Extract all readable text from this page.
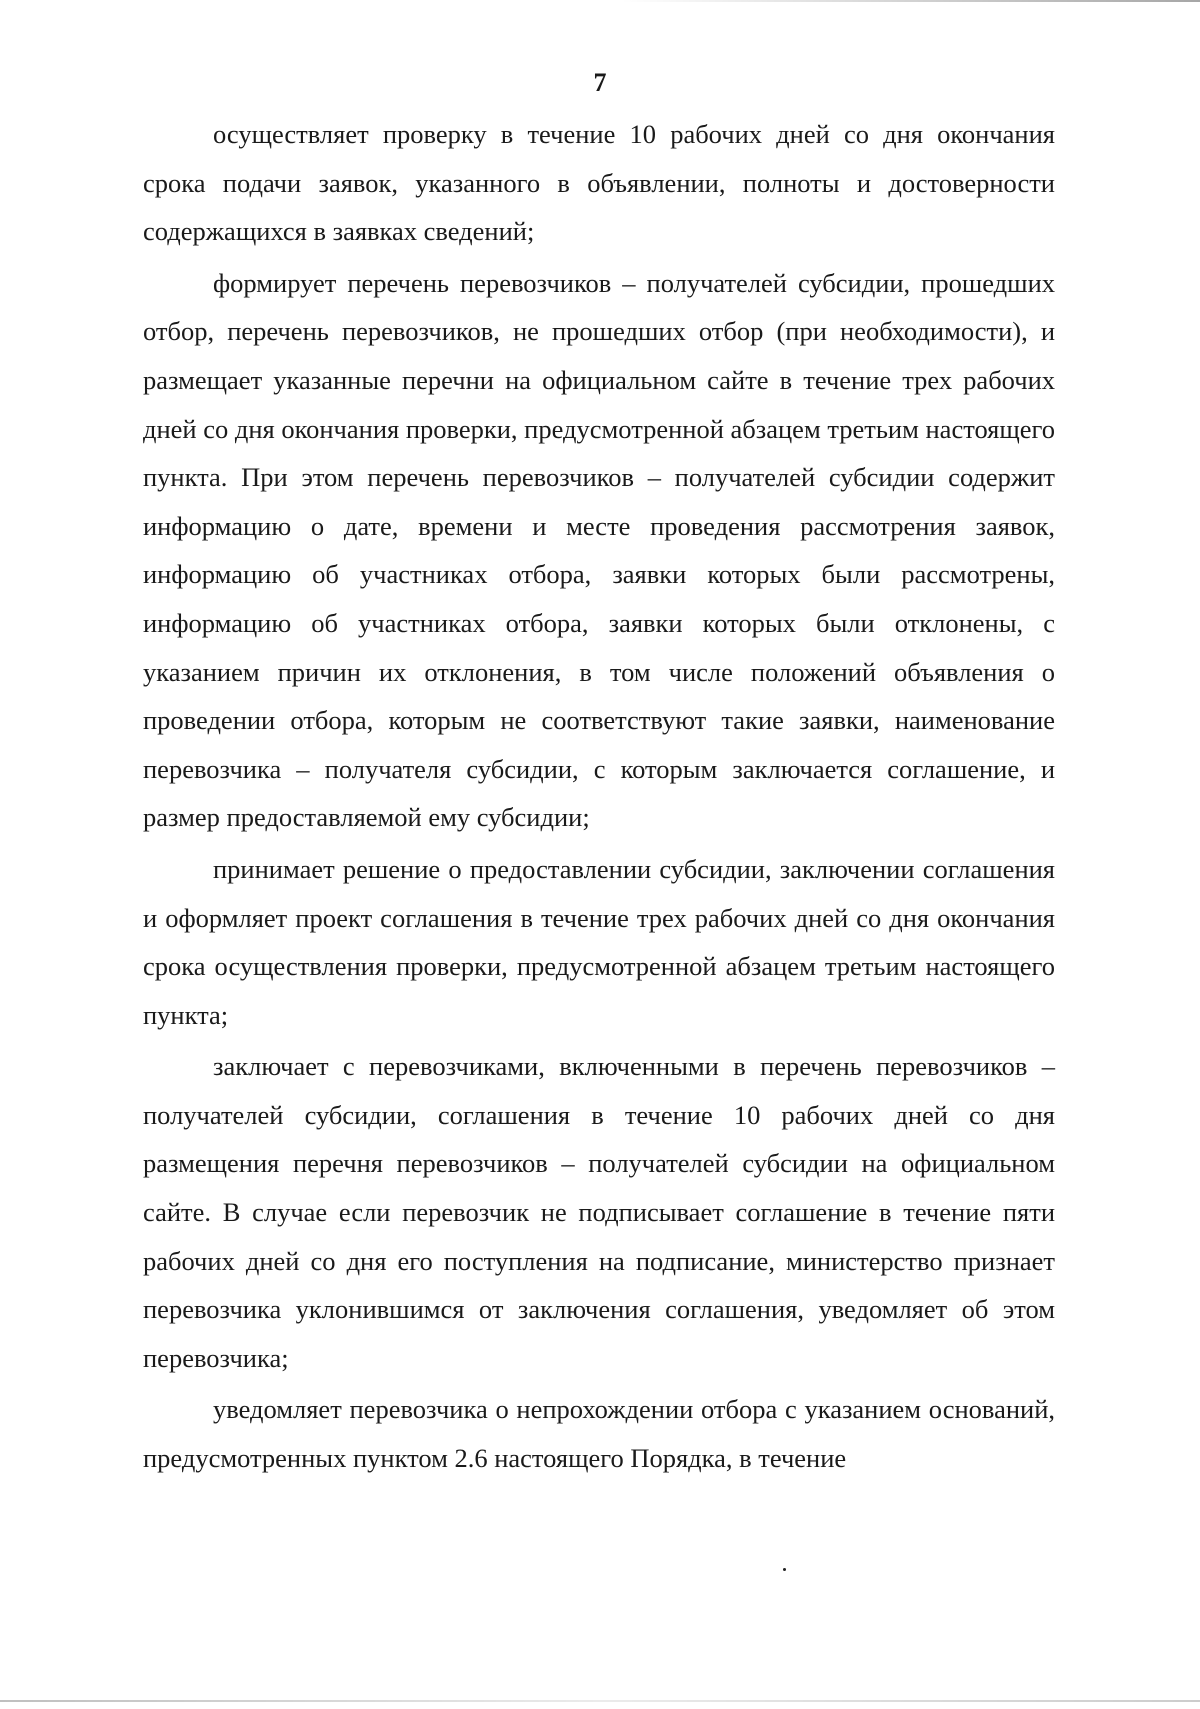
7

осуществляет проверку в течение 10 рабочих дней со дня окончания срока подачи заявок, указанного в объявлении, полноты и достоверности содержащихся в заявках сведений;

формирует перечень перевозчиков – получателей субсидии, прошедших отбор, перечень перевозчиков, не прошедших отбор (при необходимости), и размещает указанные перечни на официальном сайте в течение трех рабочих дней со дня окончания проверки, предусмотренной абзацем третьим настоящего пункта. При этом перечень перевозчиков – получателей субсидии содержит информацию о дате, времени и месте проведения рассмотрения заявок, информацию об участниках отбора, заявки которых были рассмотрены, информацию об участниках отбора, заявки которых были отклонены, с указанием причин их отклонения, в том числе положений объявления о проведении отбора, которым не соответствуют такие заявки, наименование перевозчика – получателя субсидии, с которым заключается соглашение, и размер предоставляемой ему субсидии;

принимает решение о предоставлении субсидии, заключении соглашения и оформляет проект соглашения в течение трех рабочих дней со дня окончания срока осуществления проверки, предусмотренной абзацем третьим настоящего пункта;

заключает с перевозчиками, включенными в перечень перевозчиков – получателей субсидии, соглашения в течение 10 рабочих дней со дня размещения перечня перевозчиков – получателей субсидии на официальном сайте. В случае если перевозчик не подписывает соглашение в течение пяти рабочих дней со дня его поступления на подписание, министерство признает перевозчика уклонившимся от заключения соглашения, уведомляет об этом перевозчика;

уведомляет перевозчика о непрохождении отбора с указанием оснований, предусмотренных пунктом 2.6 настоящего Порядка, в течение
